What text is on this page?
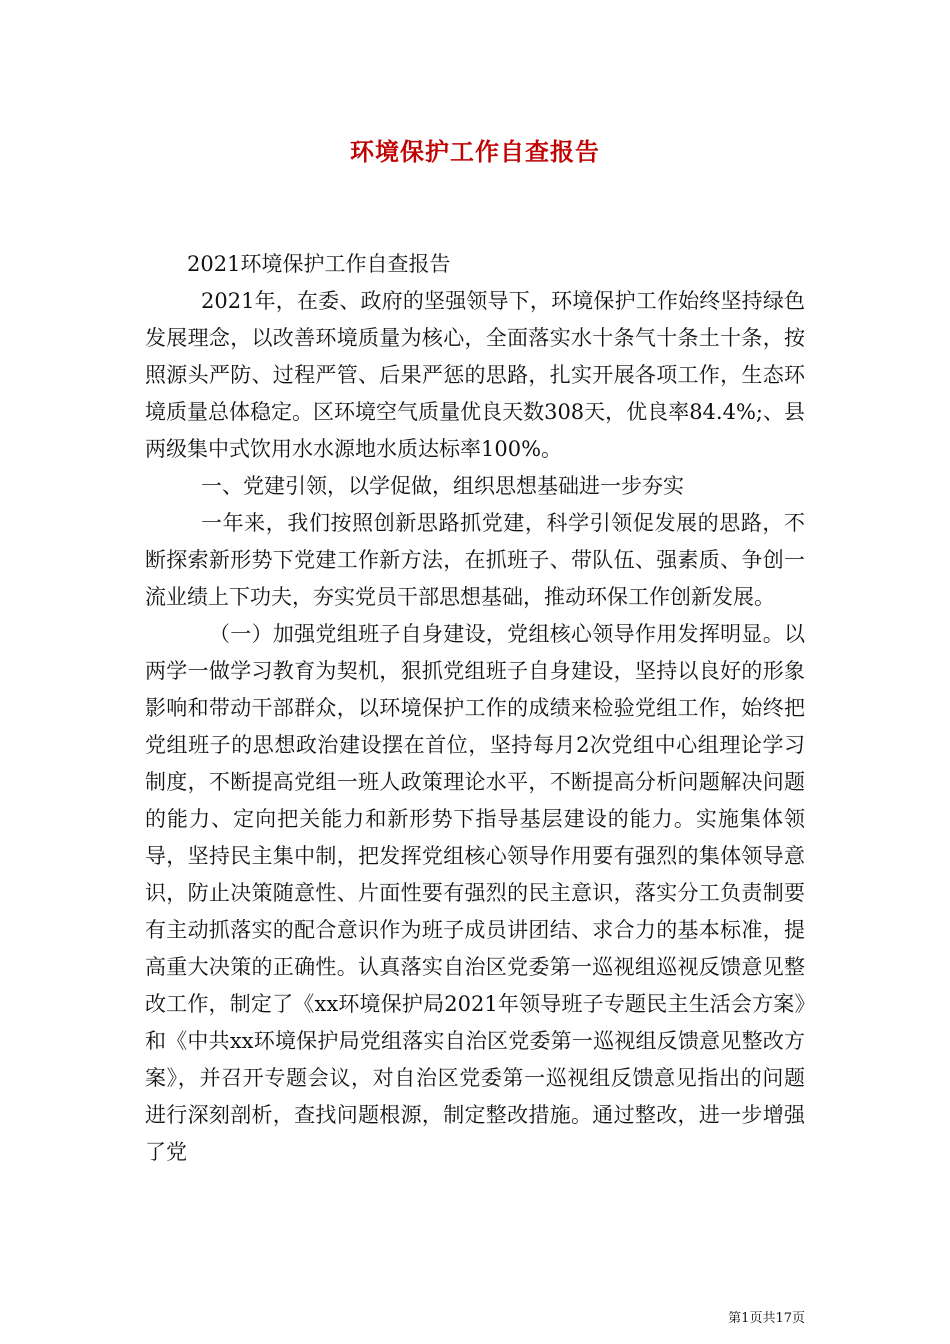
环境保护工作自查报告

2021环境保护工作自查报告

2021年，在委、政府的坚强领导下，环境保护工作始终坚持绿色发展理念，以改善环境质量为核心，全面落实水十条气十条土十条，按照源头严防、过程严管、后果严惩的思路，扎实开展各项工作，生态环境质量总体稳定。区环境空气质量优良天数308天，优良率84.4%;、县两级集中式饮用水水源地水质达标率100%。

一、党建引领，以学促做，组织思想基础进一步夯实

一年来，我们按照创新思路抓党建，科学引领促发展的思路，不断探索新形势下党建工作新方法，在抓班子、带队伍、强素质、争创一流业绩上下功夫，夯实党员干部思想基础，推动环保工作创新发展。

（一）加强党组班子自身建设，党组核心领导作用发挥明显。以两学一做学习教育为契机，狠抓党组班子自身建设，坚持以良好的形象影响和带动干部群众，以环境保护工作的成绩来检验党组工作，始终把党组班子的思想政治建设摆在首位，坚持每月2次党组中心组理论学习制度，不断提高党组一班人政策理论水平，不断提高分析问题解决问题的能力、定向把关能力和新形势下指导基层建设的能力。实施集体领导，坚持民主集中制，把发挥党组核心领导作用要有强烈的集体领导意识，防止决策随意性、片面性要有强烈的民主意识，落实分工负责制要有主动抓落实的配合意识作为班子成员讲团结、求合力的基本标准，提高重大决策的正确性。认真落实自治区党委第一巡视组巡视反馈意见整改工作，制定了《xx环境保护局2021年领导班子专题民主生活会方案》和《中共xx环境保护局党组落实自治区党委第一巡视组反馈意见整改方案》，并召开专题会议，对自治区党委第一巡视组反馈意见指出的问题进行深刻剖析，查找问题根源，制定整改措施。通过整改，进一步增强了党

第1页共17页
